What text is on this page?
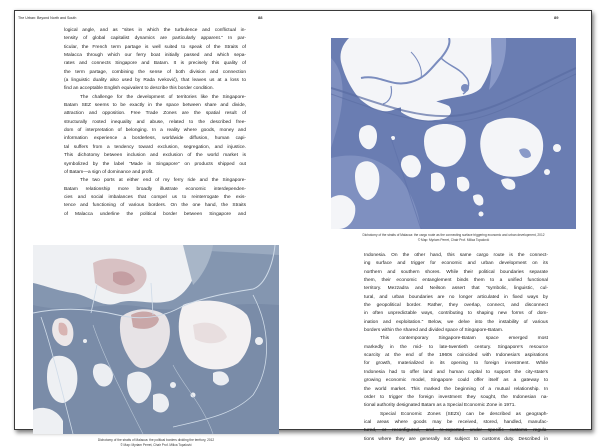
The Urban: Beyond North and South	88

logical angle, and as "sites in which the turbulence and conflictual in-
tensity of global capitalist dynamics are particularly apparent." In par-
ticular, the French term partage is well suited to speak of the Straits of
Malacca through which our ferry boat initially passed and which sepa-
rates and connects Singapore and Batam. It is precisely this quality of
the term partage, combining the sense of both division and connection
(a linguistic duality also used by Rada Iveković), that leaves us at a loss to
find an acceptable English equivalent to describe this border condition.

The challenge for the development of territories like the Singapore-
Batam SEZ seems to be exactly in the space between share and divide,
attraction and opposition. Free Trade Zones are the spatial result of
structurally rooted inequality and abuse, related to the described free-
dom of interpretation of belonging. In a reality where goods, money and
information experience a borderless, worldwide diffusion, human capi-
tal suffers from a tendency toward exclusion, segregation, and injustice.
This dichotomy between inclusion and exclusion of the world market is
symbolized by the label "Made in Singapore" on products shipped out
of Batam—a sign of dominance and profit.

The two ports at either end of my ferry ride and the Singapore-
Batam relationship more broadly illustrate economic interdependen-
cies and social imbalances that compel us to reinterrogate the exis-
tence and functioning of various borders. On the one hand, the Straits
of Malacca underline the political border between Singapore and

Dichotomy of the straits of Malacca: the political borders dividing the territory, 2012
© Map: Myriam Perret, Chair Prof. Milica Topalović
89
Dichotomy of the straits of Malacca: the cargo route as the connecting surface triggering economic and urban development, 2012
© Map: Myriam Perret, Chair Prof. Milica Topalović

Indonesia. On the other hand, this same cargo route is the connect-
ing surface and trigger for economic and urban development on its
northern and southern shores. While their political boundaries separate
them, their economic entanglement binds them to a unified functional
territory. Mezzadra and Neilson assert that "symbolic, linguistic, cul-
tural, and urban boundaries are no longer articulated in fixed ways by
the geopolitical border. Rather, they overlap, connect, and disconnect
in often unpredictable ways, contributing to shaping new forms of dom-
ination and exploitation." Below, we delve into the instability of various
borders within the shared and divided space of Singapore-Batam.

This contemporary Singapore-Batam space emerged most
markedly in the mid- to late-twentieth century. Singapore's resource
scarcity at the end of the 1960s coincided with Indonesia's aspirations
for growth, materialized in its opening to foreign investment. While
Indonesia had to offer land and human capital to support the city-state's
growing economic model, Singapore could offer itself as a gateway to
the world market. This marked the beginning of a mutual relationship. In
order to trigger the foreign investment they sought, the Indonesian na-
tional authority designated Batam as a Special Economic Zone in 1971.

Special Economic Zones (SEZs) can be described as geograph-
ical areas where goods may be received, stored, handled, manufac-
tured, or reconfigured, and re-exported under specific customs regula-
tions where they are generally not subject to customs duty. Described in
